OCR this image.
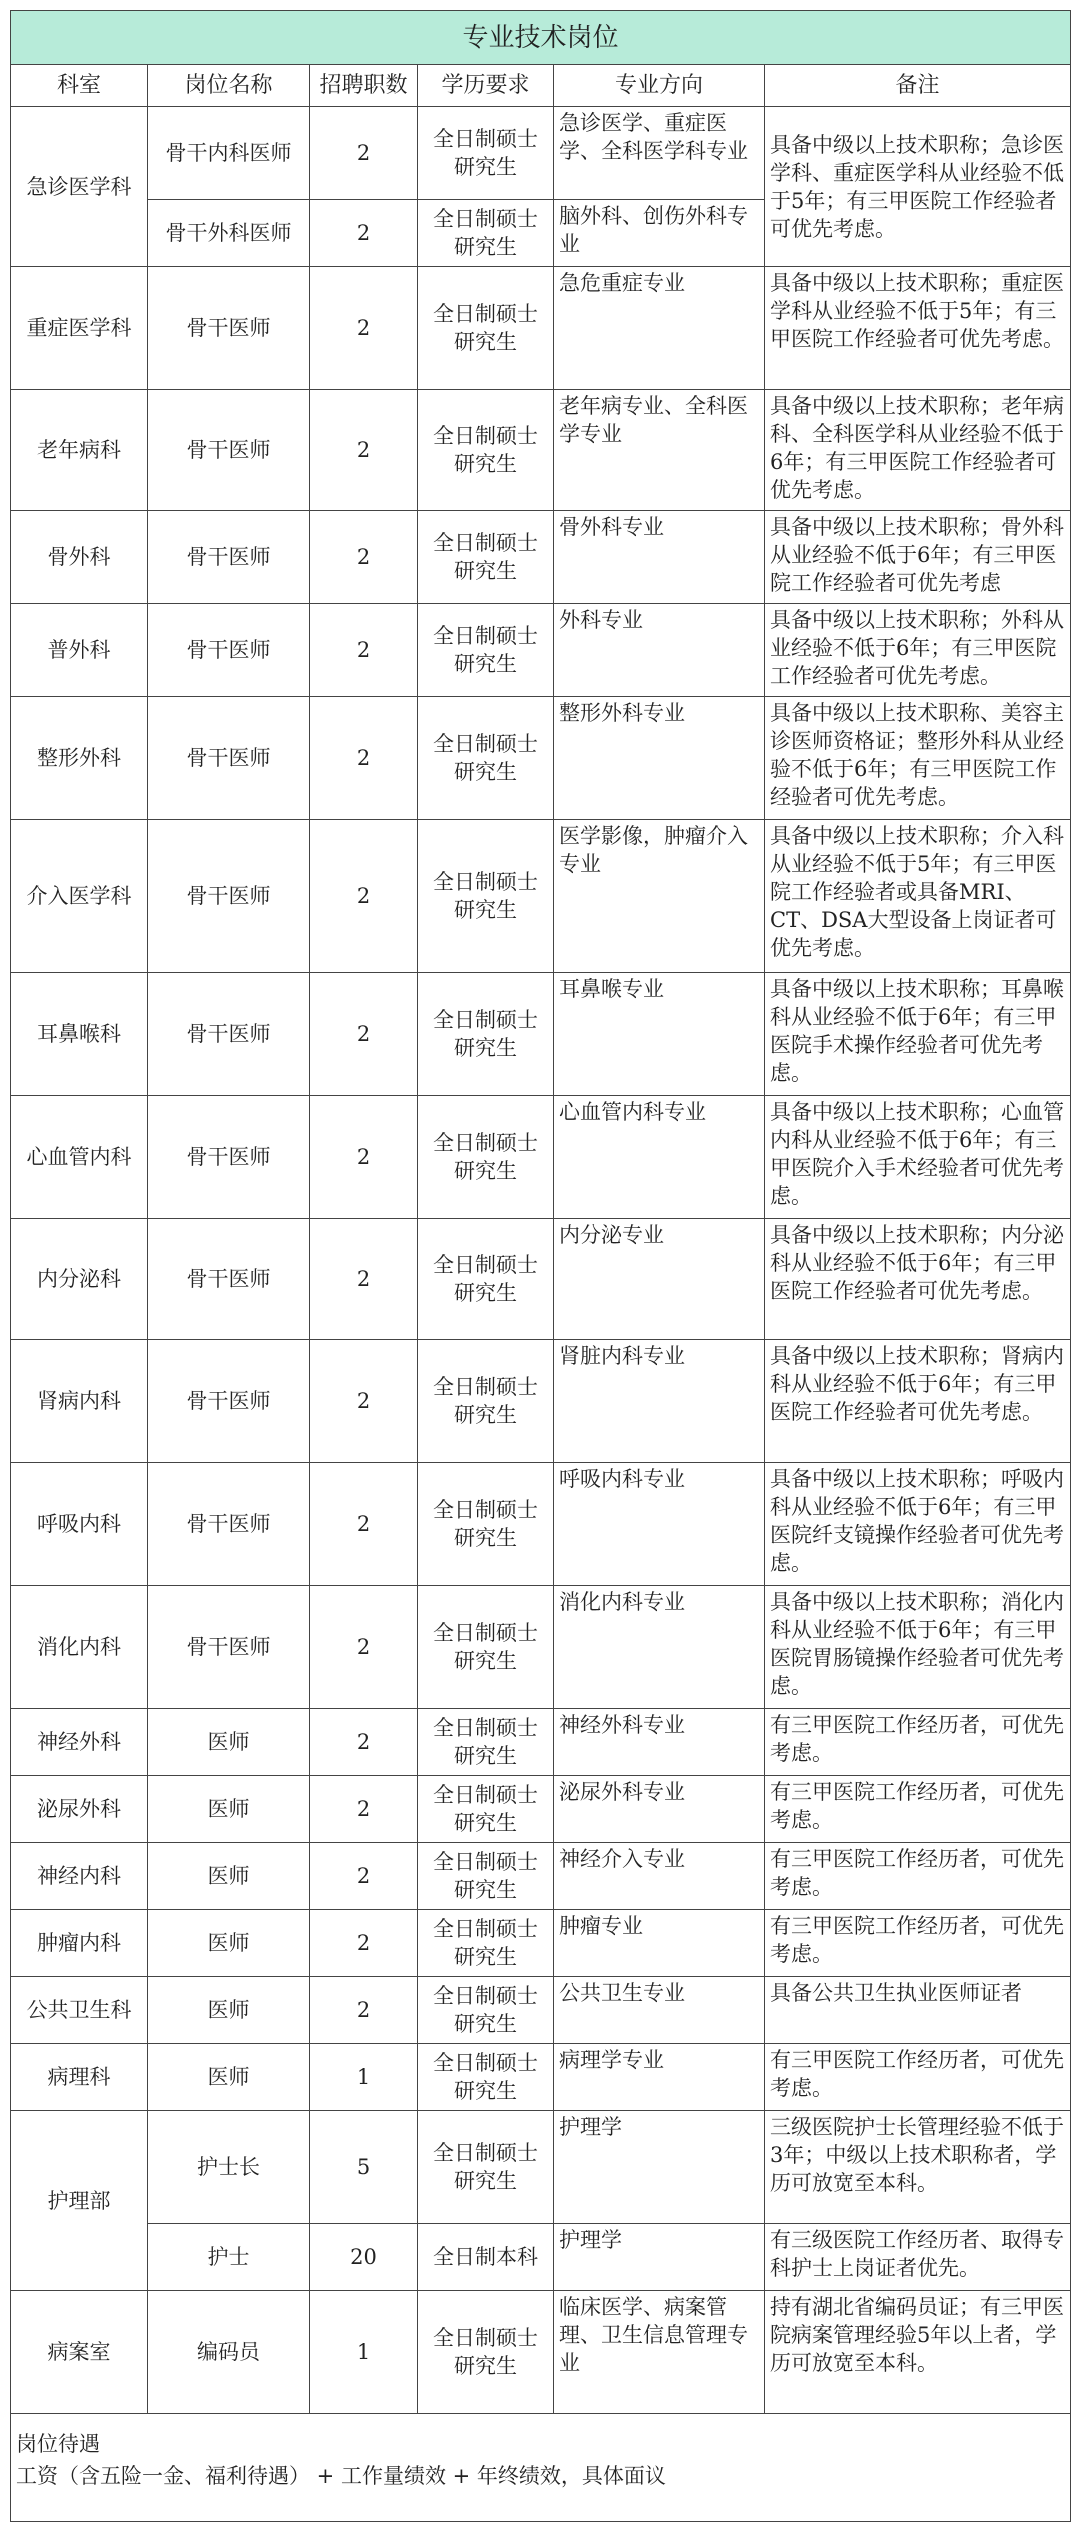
专业技术岗位					
科室	岗位名称	招聘职数	学历要求	专业方向	备注
急诊医学科	骨干内科医师	2	全日制硕士研究生	急诊医学、重症医学、全科医学科专业	具备中级以上技术职称；急诊医学科、重症医学科从业经验不低于5年；有三甲医院工作经验者可优先考虑。
	骨干外科医师	2	全日制硕士研究生	脑外科、创伤外科专业	
重症医学科	骨干医师	2	全日制硕士研究生	急危重症专业	具备中级以上技术职称；重症医学科从业经验不低于5年；有三甲医院工作经验者可优先考虑。
老年病科	骨干医师	2	全日制硕士研究生	老年病专业、全科医学专业	具备中级以上技术职称；老年病科、全科医学科从业经验不低于6年；有三甲医院工作经验者可优先考虑。
骨外科	骨干医师	2	全日制硕士研究生	骨外科专业	具备中级以上技术职称；骨外科从业经验不低于6年；有三甲医院工作经验者可优先考虑
普外科	骨干医师	2	全日制硕士研究生	外科专业	具备中级以上技术职称；外科从业经验不低于6年；有三甲医院工作经验者可优先考虑。
整形外科	骨干医师	2	全日制硕士研究生	整形外科专业	具备中级以上技术职称、美容主诊医师资格证；整形外科从业经验不低于6年；有三甲医院工作经验者可优先考虑。
介入医学科	骨干医师	2	全日制硕士研究生	医学影像，肿瘤介入专业	具备中级以上技术职称；介入科从业经验不低于5年；有三甲医院工作经验者或具备MRI、CT、DSA大型设备上岗证者可优先考虑。
耳鼻喉科	骨干医师	2	全日制硕士研究生	耳鼻喉专业	具备中级以上技术职称；耳鼻喉科从业经验不低于6年；有三甲医院手术操作经验者可优先考虑。
心血管内科	骨干医师	2	全日制硕士研究生	心血管内科专业	具备中级以上技术职称；心血管内科从业经验不低于6年；有三甲医院介入手术经验者可优先考虑。
内分泌科	骨干医师	2	全日制硕士研究生	内分泌专业	具备中级以上技术职称；内分泌科从业经验不低于6年；有三甲医院工作经验者可优先考虑。
肾病内科	骨干医师	2	全日制硕士研究生	肾脏内科专业	具备中级以上技术职称；肾病内科从业经验不低于6年；有三甲医院工作经验者可优先考虑。
呼吸内科	骨干医师	2	全日制硕士研究生	呼吸内科专业	具备中级以上技术职称；呼吸内科从业经验不低于6年；有三甲医院纤支镜操作经验者可优先考虑。
消化内科	骨干医师	2	全日制硕士研究生	消化内科专业	具备中级以上技术职称；消化内科从业经验不低于6年；有三甲医院胃肠镜操作经验者可优先考虑。
神经外科	医师	2	全日制硕士研究生	神经外科专业	有三甲医院工作经历者，可优先考虑。
泌尿外科	医师	2	全日制硕士研究生	泌尿外科专业	有三甲医院工作经历者，可优先考虑。
神经内科	医师	2	全日制硕士研究生	神经介入专业	有三甲医院工作经历者，可优先考虑。
肿瘤内科	医师	2	全日制硕士研究生	肿瘤专业	有三甲医院工作经历者，可优先考虑。
公共卫生科	医师	2	全日制硕士研究生	公共卫生专业	具备公共卫生执业医师证者
病理科	医师	1	全日制硕士研究生	病理学专业	有三甲医院工作经历者，可优先考虑。
护理部	护士长	5	全日制硕士研究生	护理学	三级医院护士长管理经验不低于3年；中级以上技术职称者，学历可放宽至本科。
	护士	20	全日制本科	护理学	有三级医院工作经历者、取得专科护士上岗证者优先。
病案室	编码员	1	全日制硕士研究生	临床医学、病案管理、卫生信息管理专业	持有湖北省编码员证；有三甲医院病案管理经验5年以上者，学历可放宽至本科。

岗位待遇
工资（含五险一金、福利待遇） + 工作量绩效 + 年终绩效，具体面议					
